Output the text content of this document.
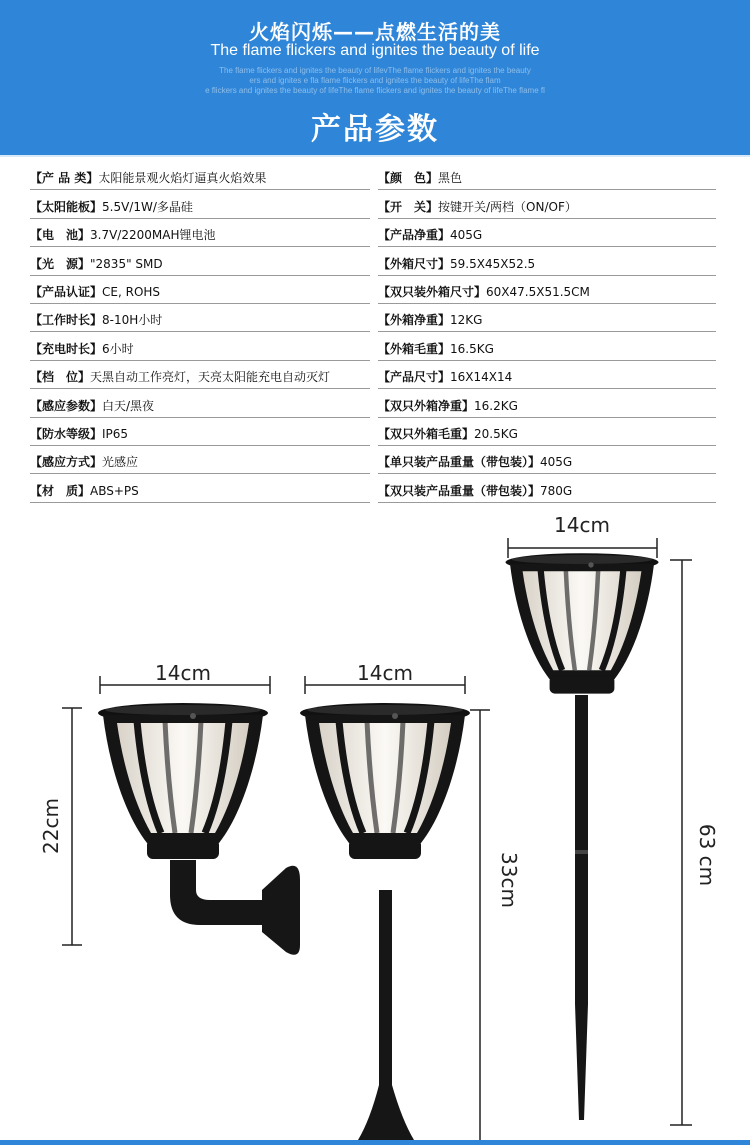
火焰闪烁——点燃生活的美
The flame flickers and ignites the beauty of life
The flame flickers and ignites the beauty of lifevThe flame flickers and ignites the beauty
ers and ignites e fla flame flickers and ignites the beauty of lifeThe flam
e flickers and ignites the beauty of lifeThe flame flickers and ignites the beauty of lifeThe flame fl
产品参数
【产 品 类】太阳能景观火焰灯逼真火焰效果
【太阳能板】5.5V/1W/多晶硅
【电　池】3.7V/2200MAH锂电池
【光　源】"2835" SMD
【产品认证】CE, ROHS
【工作时长】8-10H小时
【充电时长】6小时
【档　位】天黑自动工作亮灯，天亮太阳能充电自动灭灯
【感应参数】白天/黑夜
【防水等级】IP65
【感应方式】光感应
【材　质】ABS+PS
【颜　色】黑色
【开　关】按键开关/两档（ON/OF）
【产品净重】405G
【外箱尺寸】59.5X45X52.5
【双只装外箱尺寸】60X47.5X51.5CM
【外箱净重】12KG
【外箱毛重】16.5KG
【产品尺寸】16X14X14
【双只外箱净重】16.2KG
【双只外箱毛重】20.5KG
【单只装产品重量（带包装）】405G
【双只装产品重量（带包装）】780G
14cm
22cm
14cm
33cm
14cm
63 cm
